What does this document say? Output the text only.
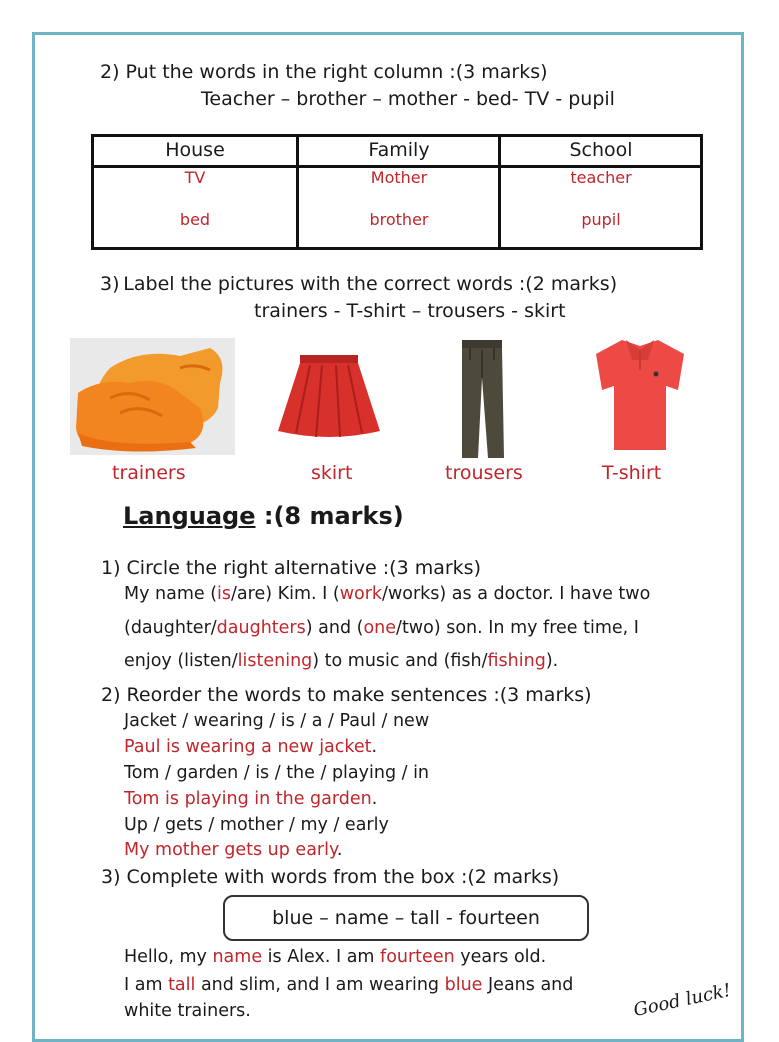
2) Put the words in the right column :(3 marks)
Teacher – brother – mother - bed- TV - pupil
House	Family	School
TV	Mother	teacher
bed	brother	pupil
3) Label the pictures with the correct words :(2 marks)
trainers - T-shirt – trousers - skirt
trainers	skirt	trousers	T-shirt
Language :(8 marks)
1) Circle the right alternative :(3 marks)
My name (is/are) Kim. I (work/works) as a doctor. I have two
(daughter/daughters) and (one/two) son. In my free time, I
enjoy (listen/listening) to music and (fish/fishing).
2) Reorder the words to make sentences :(3 marks)
Jacket / wearing / is / a / Paul / new
Paul is wearing a new jacket.
Tom / garden / is / the / playing / in
Tom is playing in the garden.
Up / gets / mother / my / early
My mother gets up early.
3) Complete with words from the box :(2 marks)
blue – name – tall - fourteen
Hello, my name is Alex. I am fourteen years old.
I am tall and slim, and I am wearing blue Jeans and
white trainers.	Good luck!
